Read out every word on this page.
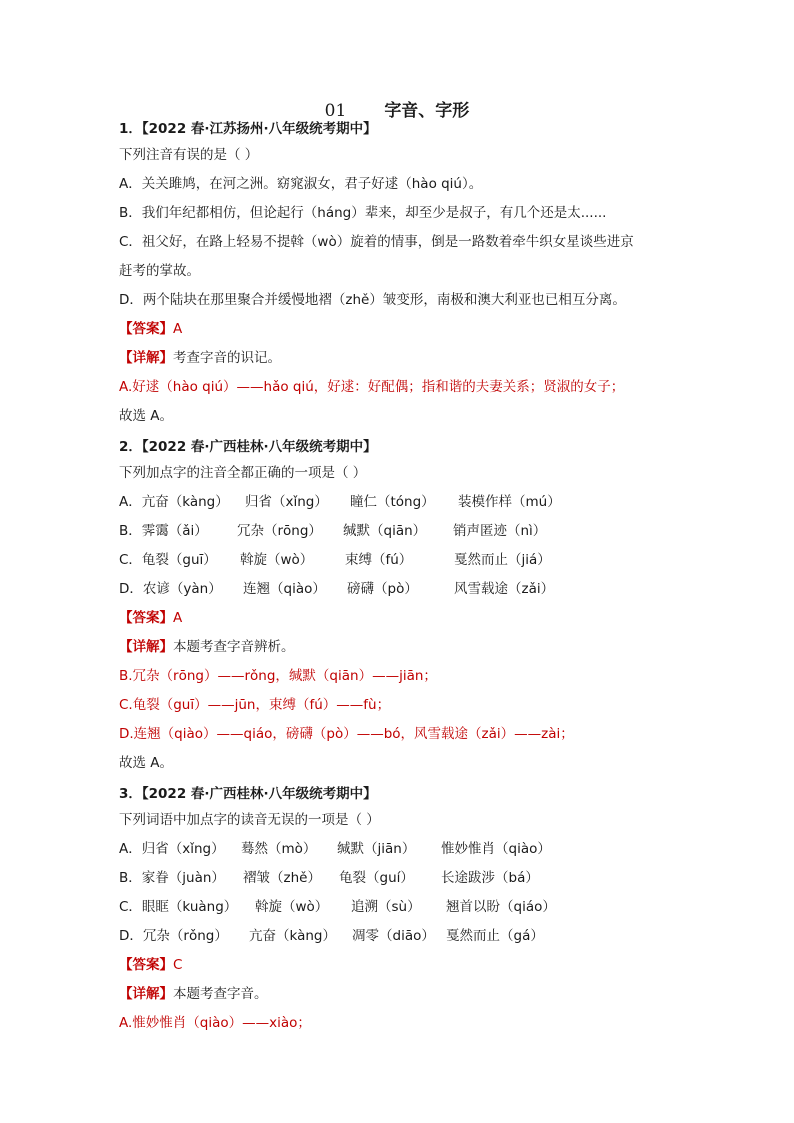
01 字音、字形
1．【2022 春·江苏扬州·八年级统考期中】
下列注音有误的是（ ）
A．关关雎鸠，在河之洲。窈窕淑女，君子好逑（hào qiú）。
B．我们年纪都相仿，但论起行（háng）辈来，却至少是叔子，有几个还是太......
C．祖父好，在路上轻易不提斡（wò）旋着的情事，倒是一路数着牵牛织女星谈些进京
赶考的掌故。
D．两个陆块在那里聚合并缓慢地褶（zhě）皱变形，南极和澳大利亚也已相互分离。
【答案】A
【详解】考查字音的识记。
A.好逑（hào qiú）——hǎo qiú，好逑：好配偶；指和谐的夫妻关系；贤淑的女子；
故选 A。
2．【2022 春·广西桂林·八年级统考期中】
下列加点字的注音全都正确的一项是（ ）
A．亢奋（kàng） 归省（xǐng） 瞳仁（tóng） 装模作样（mú）
B．霁霭（ǎi） 冗杂（rōng） 缄默（qiān） 销声匿迹（nì）
C．龟裂（guī） 斡旋（wò） 束缚（fú）	戛然而止（jiá）
D．农谚（yàn） 连翘（qiào） 磅礴（pò）	风雪载途（zǎi）
【答案】A
【详解】本题考查字音辨析。
B.冗杂（rōng）——rǒng，缄默（qiān）——jiān；
C.龟裂（guī）——jūn，束缚（fú）——fù；
D.连翘（qiào）——qiáo，磅礴（pò）——bó，风雪载途（zǎi）——zài；
故选 A。
3．【2022 春·广西桂林·八年级统考期中】
下列词语中加点字的读音无误的一项是（ ）
A．归省（xǐng） 蓦然（mò） 缄默（jiān） 惟妙惟肖（qiào）
B．家眷（juàn） 褶皱（zhě） 龟裂（guí） 长途跋涉（bá）
C．眼眶（kuàng） 斡旋（wò） 追溯（sù） 翘首以盼（qiáo）
D．冗杂（rǒng） 亢奋（kàng） 凋零（diāo） 戛然而止（gá）
【答案】C
【详解】本题考查字音。
A.惟妙惟肖（qiào）——xiào；
